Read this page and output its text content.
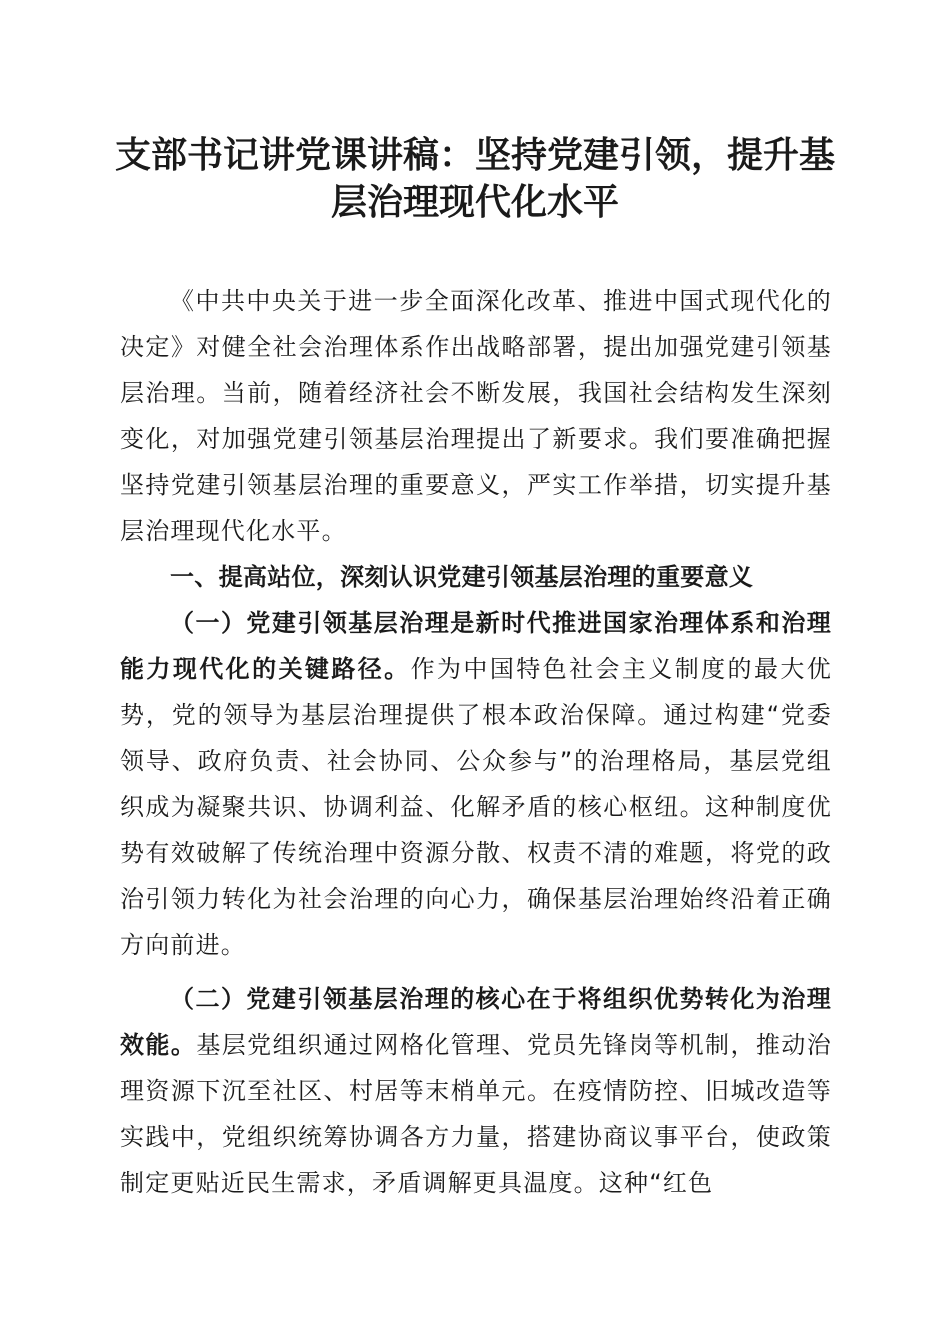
支部书记讲党课讲稿：坚持党建引领，提升基层治理现代化水平

《中共中央关于进一步全面深化改革、推进中国式现代化的决定》对健全社会治理体系作出战略部署，提出加强党建引领基层治理。当前，随着经济社会不断发展，我国社会结构发生深刻变化，对加强党建引领基层治理提出了新要求。我们要准确把握坚持党建引领基层治理的重要意义，严实工作举措，切实提升基层治理现代化水平。

一、提高站位，深刻认识党建引领基层治理的重要意义

（一）党建引领基层治理是新时代推进国家治理体系和治理能力现代化的关键路径。作为中国特色社会主义制度的最大优势，党的领导为基层治理提供了根本政治保障。通过构建“党委领导、政府负责、社会协同、公众参与”的治理格局，基层党组织成为凝聚共识、协调利益、化解矛盾的核心枢纽。这种制度优势有效破解了传统治理中资源分散、权责不清的难题，将党的政治引领力转化为社会治理的向心力，确保基层治理始终沿着正确方向前进。

（二）党建引领基层治理的核心在于将组织优势转化为治理效能。基层党组织通过网格化管理、党员先锋岗等机制，推动治理资源下沉至社区、村居等末梢单元。在疫情防控、旧城改造等实践中，党组织统筹协调各方力量，搭建协商议事平台，使政策制定更贴近民生需求，矛盾调解更具温度。这种“红色
